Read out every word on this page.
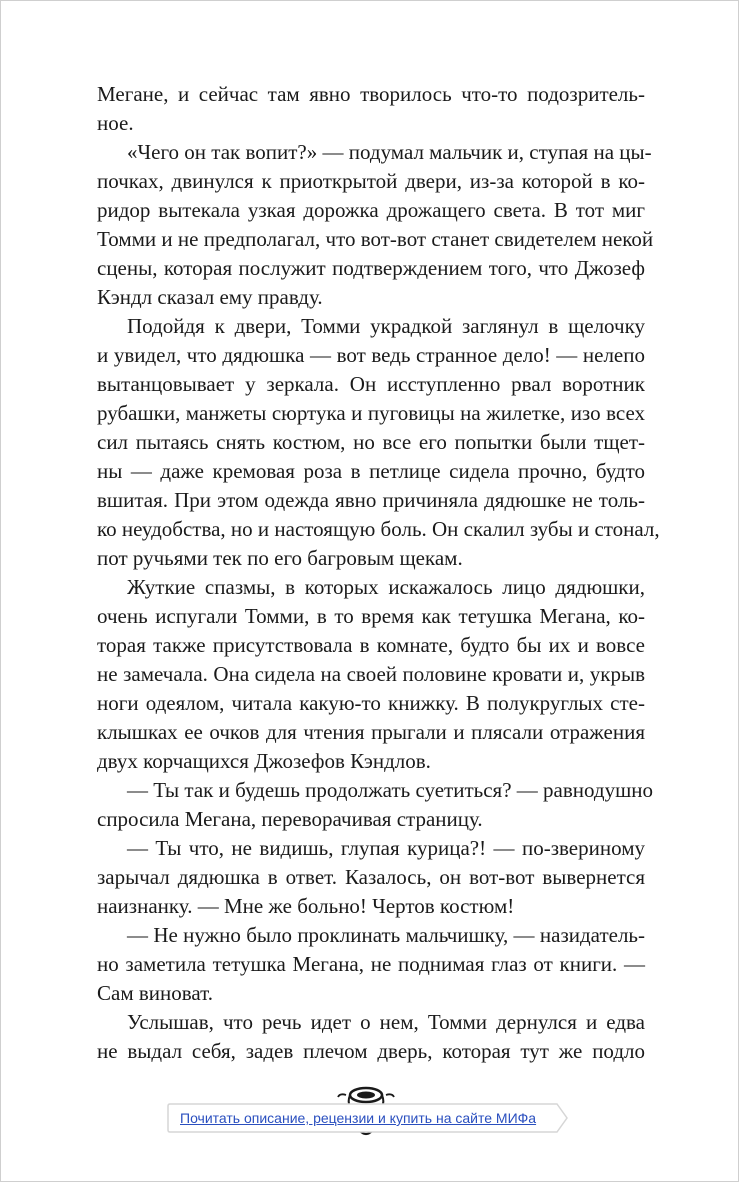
Мегане, и сейчас там явно творилось что-то подозритель-

ное.

«Чего он так вопит?» — подумал мальчик и, ступая на цы-

почках, двинулся к приоткрытой двери, из-за которой в ко-

ридор вытекала узкая дорожка дрожащего света. В тот миг

Томми и не предполагал, что вот-вот станет свидетелем некой

сцены, которая послужит подтверждением того, что Джозеф

Кэндл сказал ему правду.

Подойдя к двери, Томми украдкой заглянул в щелочку

и увидел, что дядюшка — вот ведь странное дело! — нелепо

вытанцовывает у зеркала. Он исступленно рвал воротник

рубашки, манжеты сюртука и пуговицы на жилетке, изо всех

сил пытаясь снять костюм, но все его попытки были тщет-

ны — даже кремовая роза в петлице сидела прочно, будто

вшитая. При этом одежда явно причиняла дядюшке не толь-

ко неудобства, но и настоящую боль. Он скалил зубы и стонал,

пот ручьями тек по его багровым щекам.

Жуткие спазмы, в которых искажалось лицо дядюшки,

очень испугали Томми, в то время как тетушка Мегана, ко-

торая также присутствовала в комнате, будто бы их и вовсе

не замечала. Она сидела на своей половине кровати и, укрыв

ноги одеялом, читала какую-то книжку. В полукруглых сте-

клышках ее очков для чтения прыгали и плясали отражения

двух корчащихся Джозефов Кэндлов.

— Ты так и будешь продолжать суетиться? — равнодушно

спросила Мегана, переворачивая страницу.

— Ты что, не видишь, глупая курица?! — по-звериному

зарычал дядюшка в ответ. Казалось, он вот-вот вывернется

наизнанку. — Мне же больно! Чертов костюм!

— Не нужно было проклинать мальчишку, — назидатель-

но заметила тетушка Мегана, не поднимая глаз от книги. —

Сам виноват.

Услышав, что речь идет о нем, Томми дернулся и едва

не выдал себя, задев плечом дверь, которая тут же подло

Почитать описание, рецензии и купить на сайте МИФа
